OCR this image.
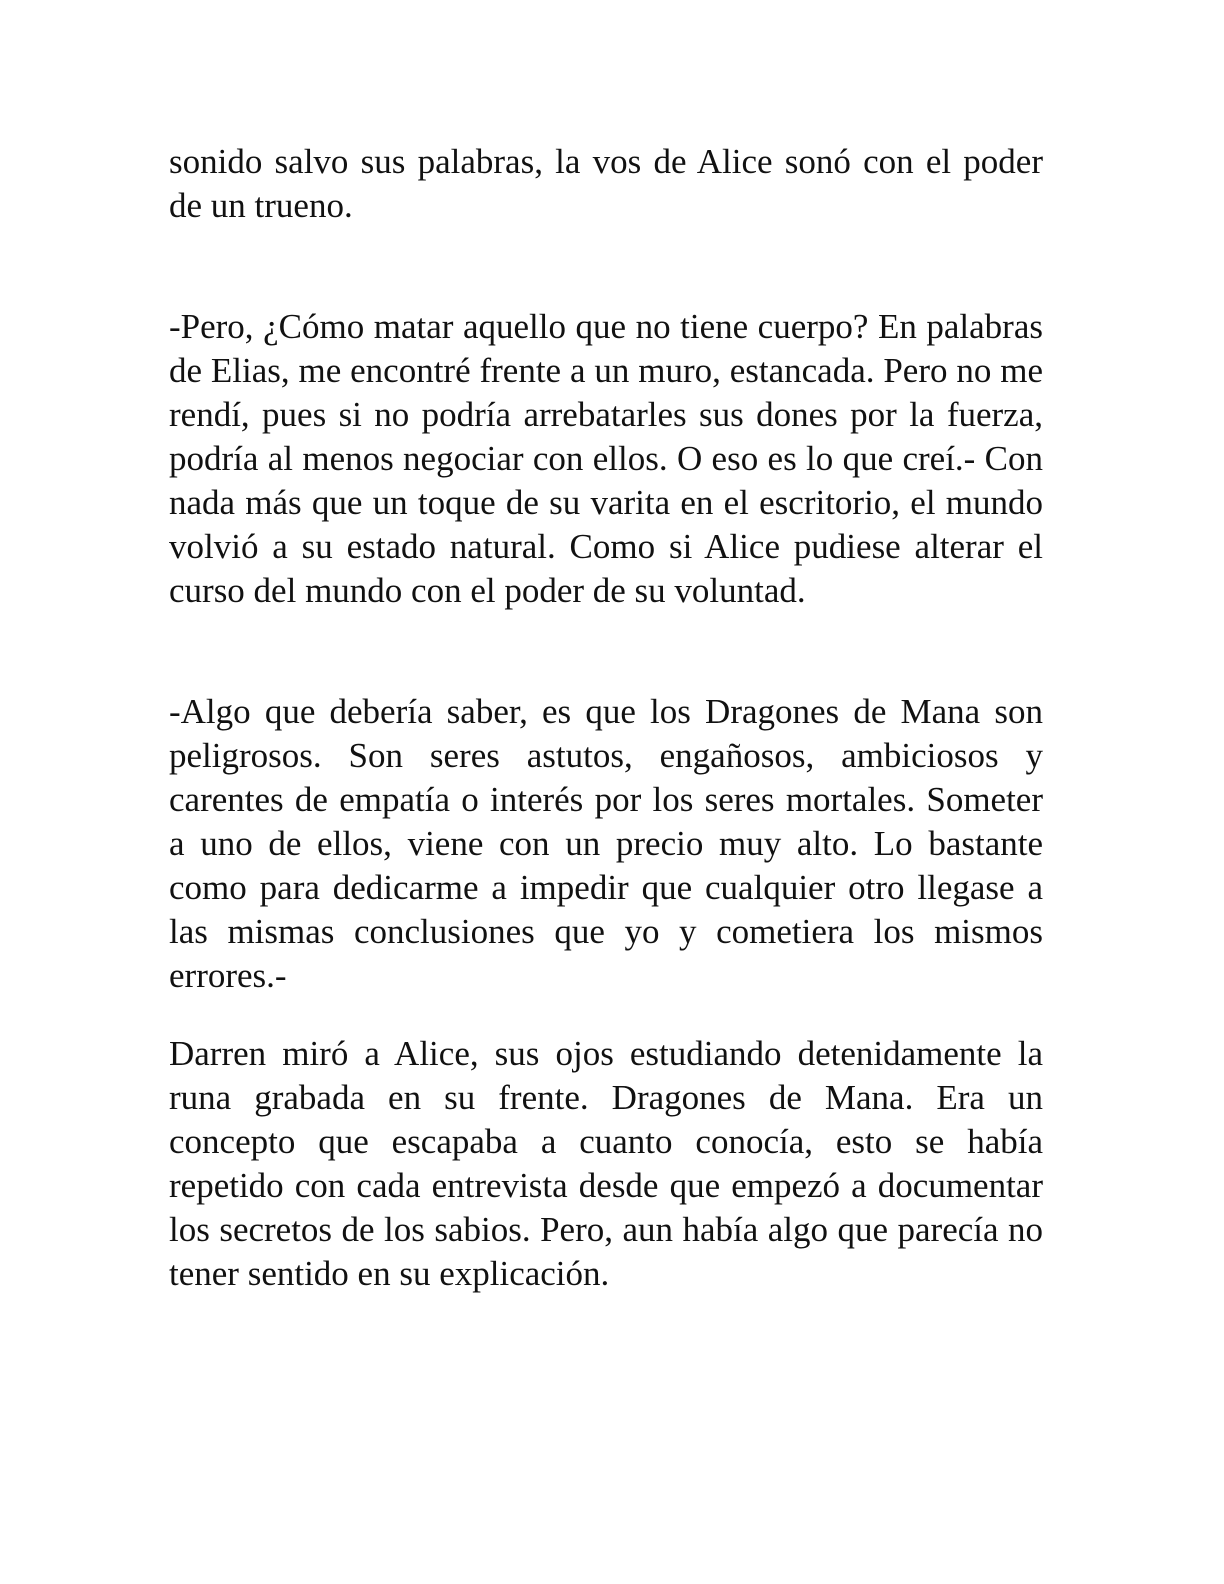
sonido salvo sus palabras, la vos de Alice sonó con el poder de un trueno.

-Pero, ¿Cómo matar aquello que no tiene cuerpo? En palabras de Elias, me encontré frente a un muro, estancada. Pero no me rendí, pues si no podría arrebatarles sus dones por la fuerza, podría al menos negociar con ellos. O eso es lo que creí.- Con nada más que un toque de su varita en el escritorio, el mundo volvió a su estado natural. Como si Alice pudiese alterar el curso del mundo con el poder de su voluntad.

-Algo que debería saber, es que los Dragones de Mana son peligrosos. Son seres astutos, engañosos, ambiciosos y carentes de empatía o interés por los seres mortales. Someter a uno de ellos, viene con un precio muy alto. Lo bastante como para dedicarme a impedir que cualquier otro llegase a las mismas conclusiones que yo y cometiera los mismos errores.-

Darren miró a Alice, sus ojos estudiando detenidamente la runa grabada en su frente. Dragones de Mana. Era un concepto que escapaba a cuanto conocía, esto se había repetido con cada entrevista desde que empezó a documentar los secretos de los sabios. Pero, aun había algo que parecía no tener sentido en su explicación.
